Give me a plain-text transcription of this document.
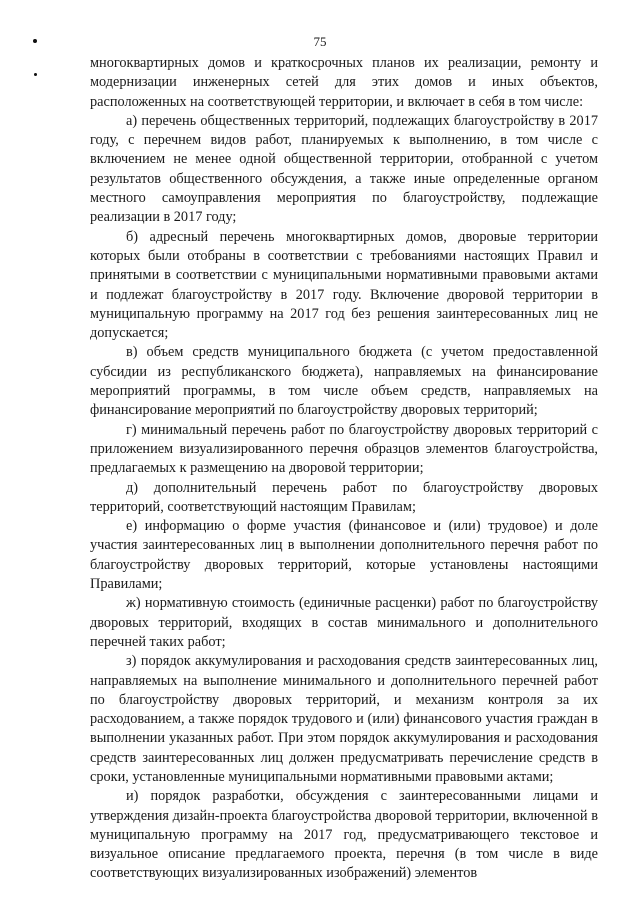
75

многоквартирных домов и краткосрочных планов их реализации, ремонту и модернизации инженерных сетей для этих домов и иных объектов, расположенных на соответствующей территории, и включает в себя в том числе:

а) перечень общественных территорий, подлежащих благоустройству в 2017 году, с перечнем видов работ, планируемых к выполнению, в том числе с включением не менее одной общественной территории, отобранной с учетом результатов общественного обсуждения, а также иные определенные органом местного самоуправления мероприятия по благоустройству, подлежащие реализации в 2017 году;

б) адресный перечень многоквартирных домов, дворовые территории которых были отобраны в соответствии с требованиями настоящих Правил и принятыми в соответствии с муниципальными нормативными правовыми актами и подлежат благоустройству в 2017 году. Включение дворовой территории в муниципальную программу на 2017 год без решения заинтересованных лиц не допускается;

в) объем средств муниципального бюджета (с учетом предоставленной субсидии из республиканского бюджета), направляемых на финансирование мероприятий программы, в том числе объем средств, направляемых на финансирование мероприятий по благоустройству дворовых территорий;

г) минимальный перечень работ по благоустройству дворовых территорий с приложением визуализированного перечня образцов элементов благоустройства, предлагаемых к размещению на дворовой территории;

д) дополнительный перечень работ по благоустройству дворовых территорий, соответствующий настоящим Правилам;

е) информацию о форме участия (финансовое и (или) трудовое) и доле участия заинтересованных лиц в выполнении дополнительного перечня работ по благоустройству дворовых территорий, которые установлены настоящими Правилами;

ж) нормативную стоимость (единичные расценки) работ по благоустройству дворовых территорий, входящих в состав минимального и дополнительного перечней таких работ;

з) порядок аккумулирования и расходования средств заинтересованных лиц, направляемых на выполнение минимального и дополнительного перечней работ по благоустройству дворовых территорий, и механизм контроля за их расходованием, а также порядок трудового и (или) финансового участия граждан в выполнении указанных работ. При этом порядок аккумулирования и расходования средств заинтересованных лиц должен предусматривать перечисление средств в сроки, установленные муниципальными нормативными правовыми актами;

и) порядок разработки, обсуждения с заинтересованными лицами и утверждения дизайн-проекта благоустройства дворовой территории, включенной в муниципальную программу на 2017 год, предусматривающего текстовое и визуальное описание предлагаемого проекта, перечня (в том числе в виде соответствующих визуализированных изображений) элементов
